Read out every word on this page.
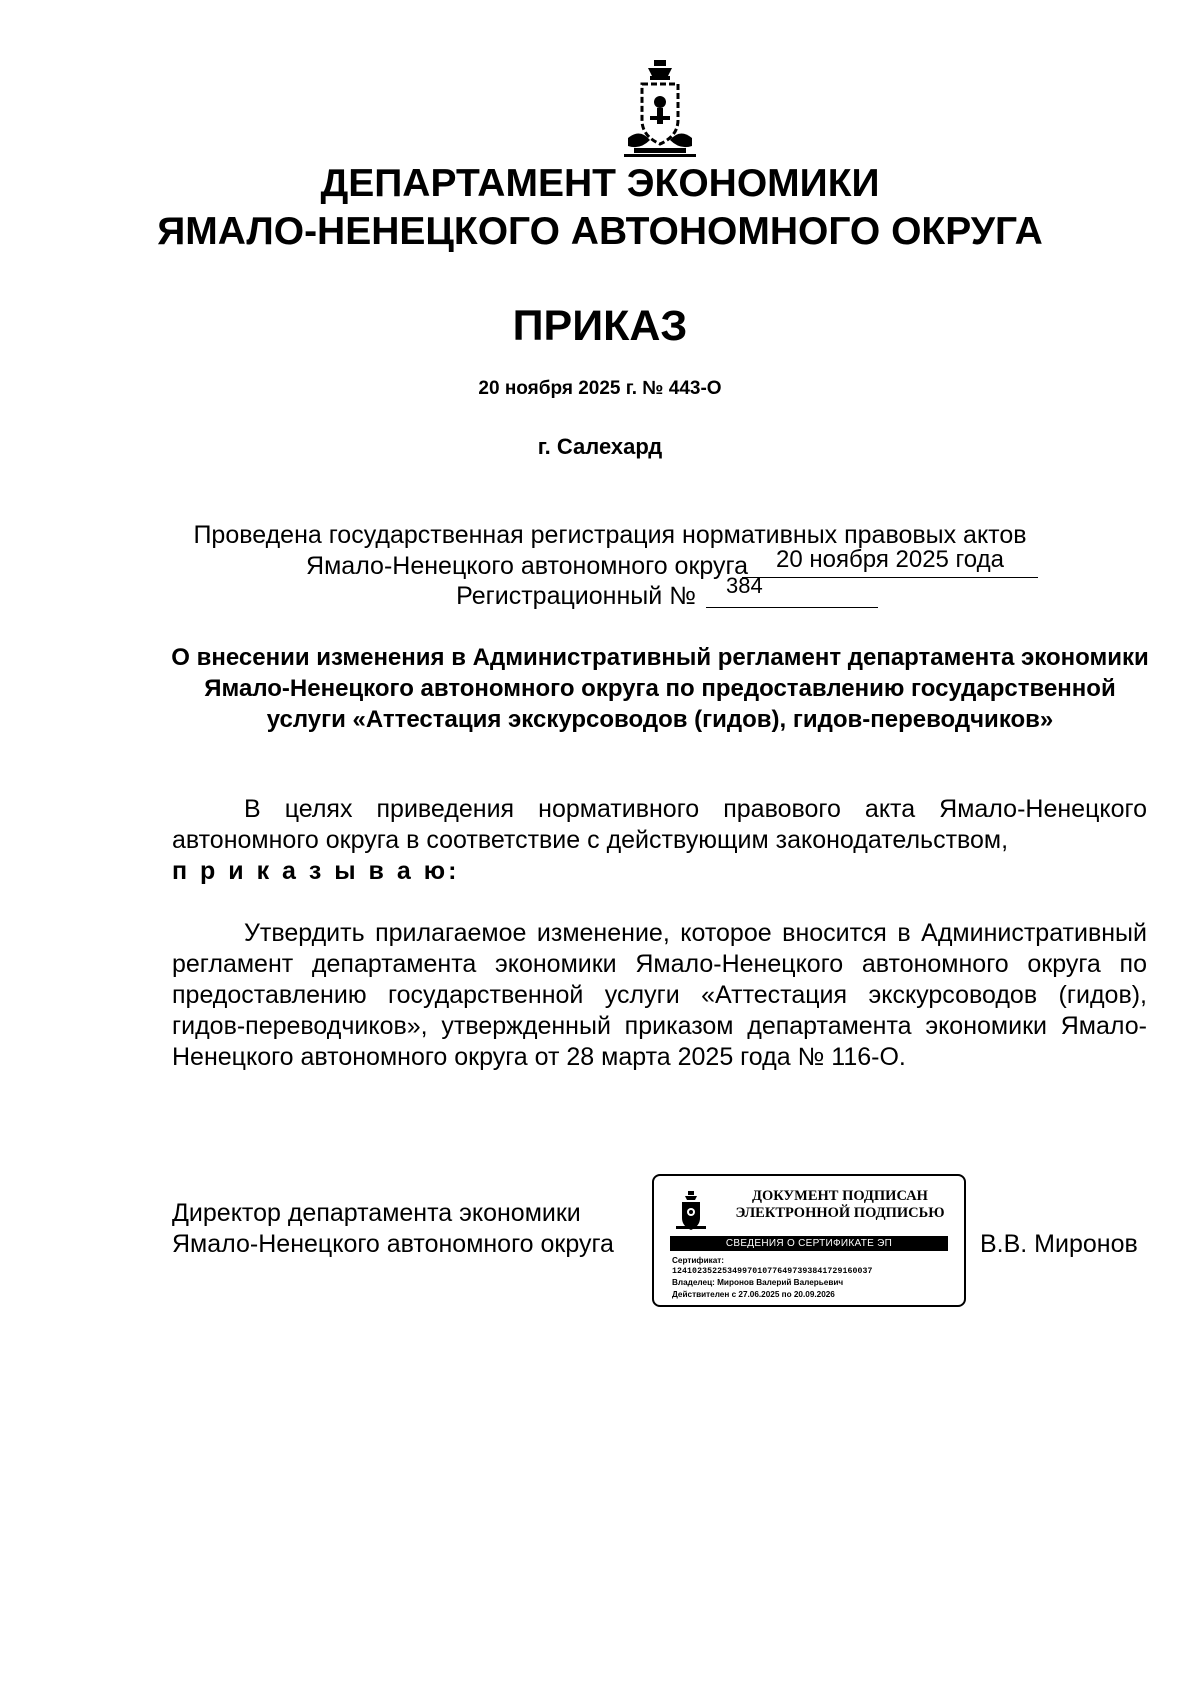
ДЕПАРТАМЕНТ ЭКОНОМИКИ
ЯМАЛО-НЕНЕЦКОГО АВТОНОМНОГО ОКРУГА
ПРИКАЗ
20 ноября 2025 г. № 443-О
г. Салехард
Проведена государственная регистрация нормативных правовых актов
Ямало-Ненецкого автономного округа	20 ноября 2025 года
Регистрационный № 384
О внесении изменения в Административный регламент департамента экономики Ямало-Ненецкого автономного округа по предоставлению государственной услуги «Аттестация экскурсоводов (гидов), гидов-переводчиков»
В целях приведения нормативного правового акта Ямало-Ненецкого автономного округа в соответствие с действующим законодательством,
п р и к а з ы в а ю:
Утвердить прилагаемое изменение, которое вносится в Административный регламент департамента экономики Ямало-Ненецкого автономного округа по предоставлению государственной услуги «Аттестация экскурсоводов (гидов), гидов-переводчиков», утвержденный приказом департамента экономики Ямало-Ненецкого автономного округа от 28 марта 2025 года № 116-О.
Директор департамента экономики
Ямало-Ненецкого автономного округа	В.В. Миронов
ДОКУМЕНТ ПОДПИСАН
ЭЛЕКТРОННОЙ ПОДПИСЬЮ
СВЕДЕНИЯ О СЕРТИФИКАТЕ ЭП
Сертификат:
1241023522534997010776497393841729160037
Владелец: Миронов Валерий Валерьевич
Действителен с 27.06.2025 по 20.09.2026
